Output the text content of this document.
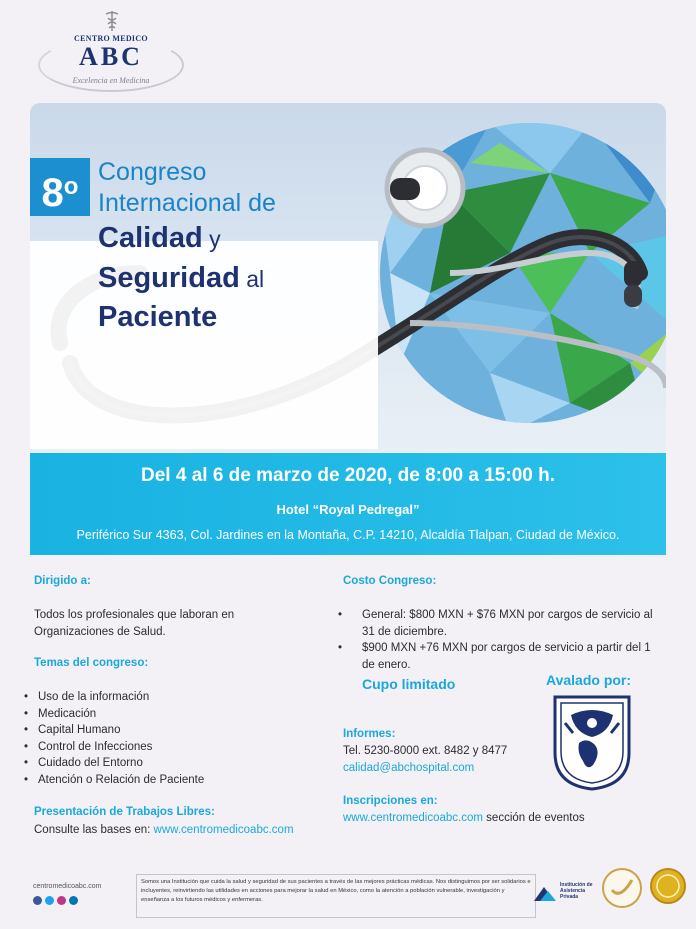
CENTRO MEDICO
ABC
Excelencia en Medicina
8$^o$
Congreso
Internacional de
Calidad y
Seguridad al
Paciente
Del 4 al 6 de marzo de 2020, de 8:00 a 15:00 h.
Hotel “Royal Pedregal”
Periférico Sur 4363, Col. Jardines en la Montaña, C.P. 14210, Alcaldía Tlalpan, Ciudad de México.
Dirigido a:
Todos los profesionales que laboran en Organizaciones de Salud.
Temas del congreso:
• Uso de la información
• Medicación
• Capital Humano
• Control de Infecciones
• Cuidado del Entorno
• Atención o Relación de Paciente
Presentación de Trabajos Libres:
Consulte las bases en: www.centromedicoabc.com
Costo Congreso:
• General: $800 MXN + $76 MXN por cargos de servicio al 31 de diciembre.
• $900 MXN +76 MXN por cargos de servicio a partir del 1 de enero.
Cupo limitado	Avalado por:
Informes:
Tel. 5230-8000 ext. 8482 y 8477
calidad@abchospital.com
Inscripciones en:
www.centromedicoabc.com sección de eventos
centromedicoabc.com
Somos una Institución que cuida la salud y seguridad de sus pacientes a través de las mejores prácticas médicas. Nos distinguimos por ser solidarios e incluyentes, reinvirtiendo las utilidades en acciones para mejorar la salud en México, como la atención a población vulnerable, investigación y enseñanza a los futuros médicos y enfermeras.
Institución de Asistencia Privada
